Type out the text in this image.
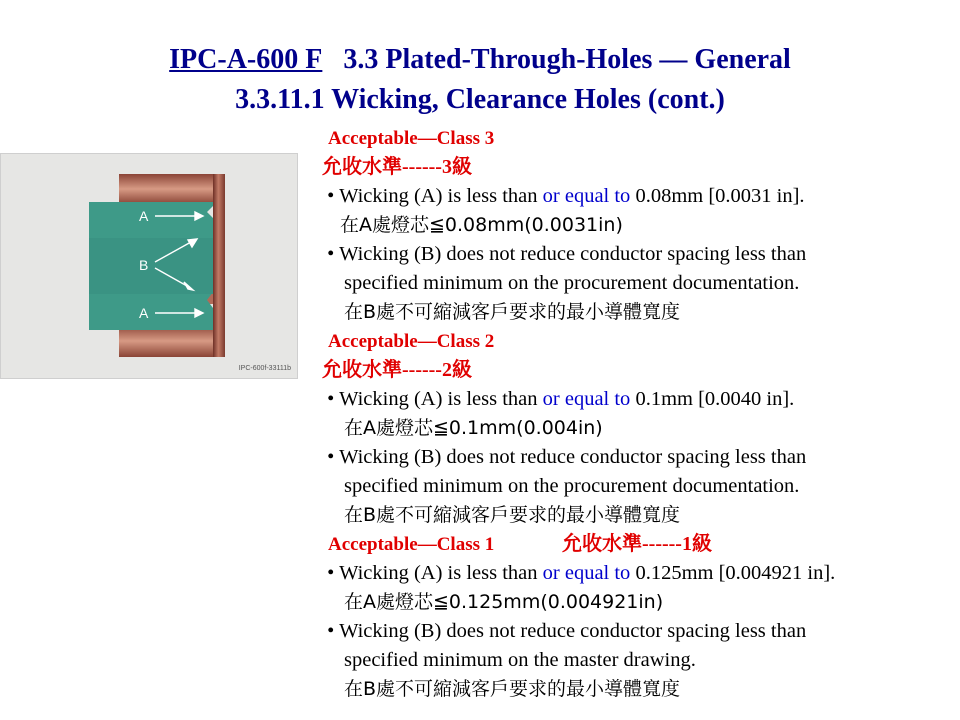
IPC-A-600 F 3.3 Plated-Through-Holes — General
3.3.11.1 Wicking, Clearance Holes (cont.)
A
B
A
IPC-600f-33111b
Acceptable—Class 3
允收水準------3級
• Wicking (A) is less than or equal to 0.08mm [0.0031 in].
在A處燈芯≦0.08mm(0.0031in)
• Wicking (B) does not reduce conductor spacing less than
specified minimum on the procurement documentation.
在B處不可縮減客戶要求的最小導體寬度
Acceptable—Class 2
允收水準------2級
• Wicking (A) is less than or equal to 0.1mm [0.0040 in].
在A處燈芯≦0.1mm(0.004in)
• Wicking (B) does not reduce conductor spacing less than
specified minimum on the procurement documentation.
在B處不可縮減客戶要求的最小導體寬度
Acceptable—Class 1	允收水準------1級
• Wicking (A) is less than or equal to 0.125mm [0.004921 in].
在A處燈芯≦0.125mm(0.004921in)
• Wicking (B) does not reduce conductor spacing less than
specified minimum on the master drawing.
在B處不可縮減客戶要求的最小導體寬度
